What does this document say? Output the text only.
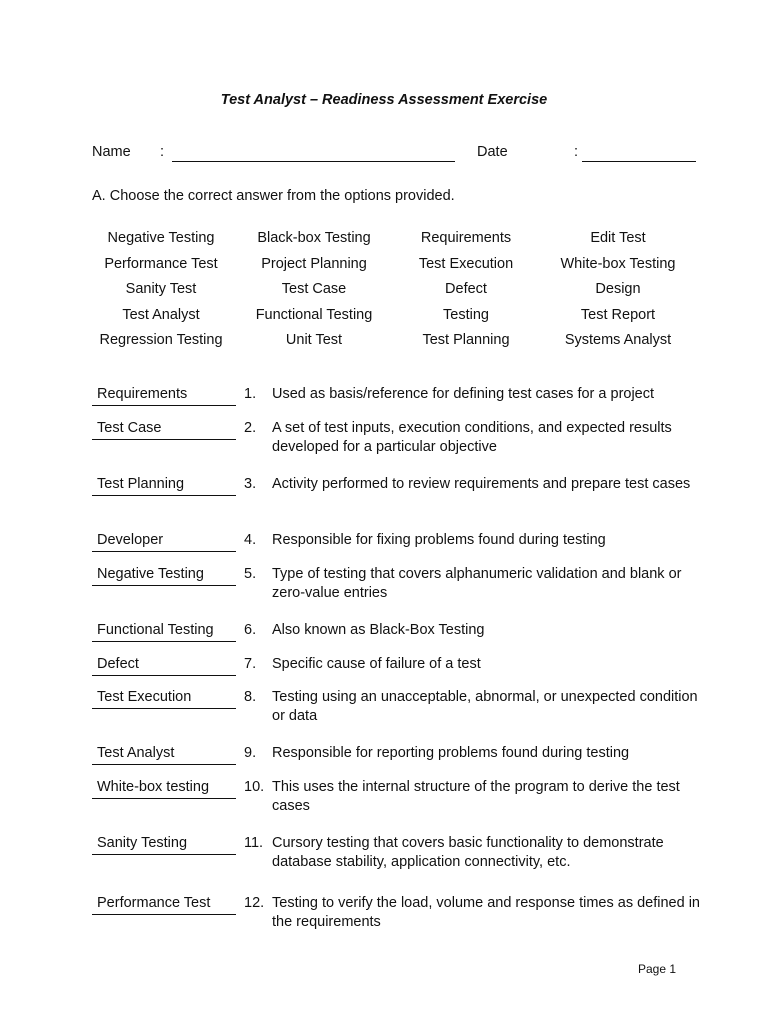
Test Analyst – Readiness Assessment Exercise
Name :	Date	:
A. Choose the correct answer from the options provided.
Negative Testing	Black-box Testing	Requirements	Edit Test
Performance Test	Project Planning	Test Execution	White-box Testing
Sanity Test	Test Case	Defect	Design
Test Analyst	Functional Testing	Testing	Test Report
Regression Testing	Unit Test	Test Planning	Systems Analyst
Requirements	1.	Used as basis/reference for defining test cases for a project
Test Case	2.	A set of test inputs, execution conditions, and expected results developed for a particular objective
Test Planning	3.	Activity performed to review requirements and prepare test cases
Developer	4.	Responsible for fixing problems found during testing
Negative Testing	5.	Type of testing that covers alphanumeric validation and blank or zero-value entries
Functional Testing	6.	Also known as Black-Box Testing
Defect	7.	Specific cause of failure of a test
Test Execution	8.	Testing using an unacceptable, abnormal, or unexpected condition or data
Test Analyst	9.	Responsible for reporting problems found during testing
White-box testing	10. This uses the internal structure of the program to derive the test cases
Sanity Testing	11. Cursory testing that covers basic functionality to demonstrate database stability, application connectivity, etc.
Performance Test	12. Testing to verify the load, volume and response times as defined in the requirements
Page 1
